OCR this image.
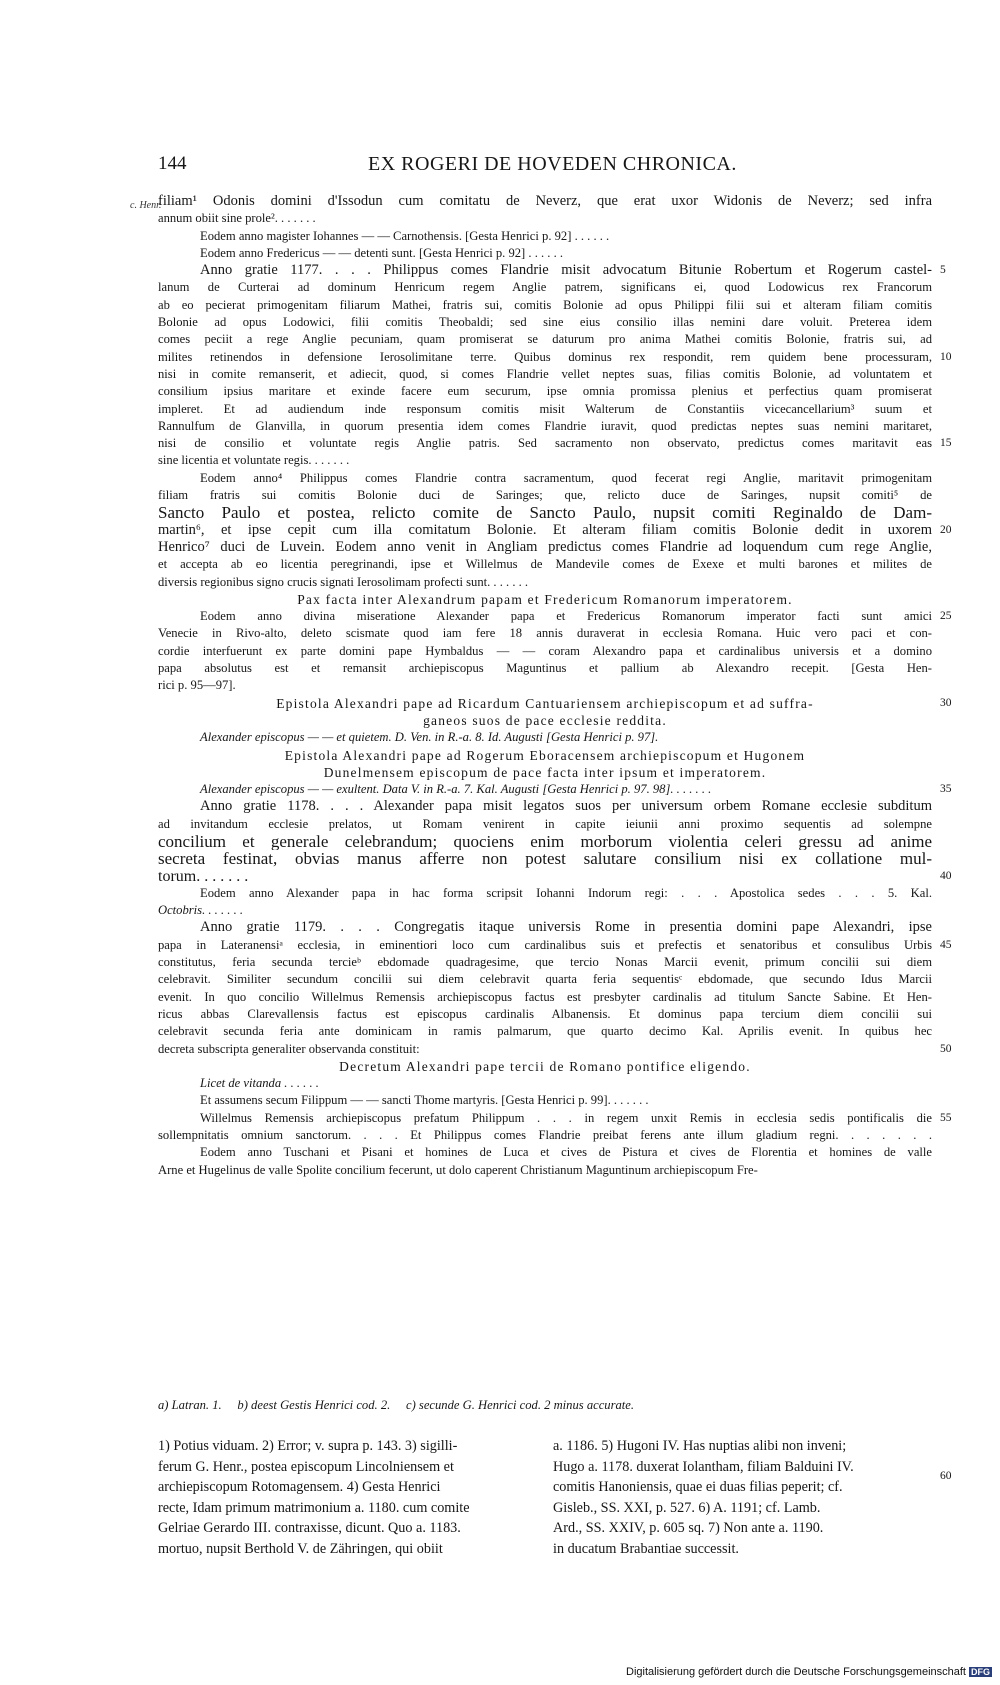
144	EX ROGERI DE HOVEDEN CHRONICA.
c. Henr.
filiam¹ Odonis domini d'Issodun cum comitatu de Neverz, que erat uxor Widonis de Neverz; sed infra
annum obiit sine prole². . . . . . .
Eodem anno magister Iohannes — — Carnothensis. [Gesta Henrici p. 92] . . . . . .
Eodem anno Fredericus — — detenti sunt. [Gesta Henrici p. 92] . . . . . .
Anno gratie 1177. . . . Philippus comes Flandrie misit advocatum Bitunie Robertum et Rogerum castel-
lanum de Curterai ad dominum Henricum regem Anglie patrem, significans ei, quod Lodowicus rex Francorum
ab eo pecierat primogenitam filiarum Mathei, fratris sui, comitis Bolonie ad opus Philippi filii sui et alteram filiam comitis
Bolonie ad opus Lodowici, filii comitis Theobaldi; sed sine eius consilio illas nemini dare voluit. Preterea idem
comes peciit a rege Anglie pecuniam, quam promiserat se daturum pro anima Mathei comitis Bolonie, fratris sui, ad
milites retinendos in defensione Ierosolimitane terre. Quibus dominus rex respondit, rem quidem bene processuram,
nisi in comite remanserit, et adiecit, quod, si comes Flandrie vellet neptes suas, filias comitis Bolonie, ad voluntatem et
consilium ipsius maritare et exinde facere eum securum, ipse omnia promissa plenius et perfectius quam promiserat
impleret. Et ad audiendum inde responsum comitis misit Walterum de Constantiis vicecancellarium³ suum et
Rannulfum de Glanvilla, in quorum presentia idem comes Flandrie iuravit, quod predictas neptes suas nemini maritaret,
nisi de consilio et voluntate regis Anglie patris. Sed sacramento non observato, predictus comes maritavit eas
sine licentia et voluntate regis. . . . . . .
Eodem anno⁴ Philippus comes Flandrie contra sacramentum, quod fecerat regi Anglie, maritavit primogenitam
filiam fratris sui comitis Bolonie duci de Saringes; que, relicto duce de Saringes, nupsit comiti⁵ de
Sancto Paulo et postea, relicto comite de Sancto Paulo, nupsit comiti Reginaldo de Dam-
martin⁶, et ipse cepit cum illa comitatum Bolonie. Et alteram filiam comitis Bolonie dedit in uxorem
Henrico⁷ duci de Luvein. Eodem anno venit in Angliam predictus comes Flandrie ad loquendum cum rege Anglie,
et accepta ab eo licentia peregrinandi, ipse et Willelmus de Mandevile comes de Exexe et multi barones et milites de
diversis regionibus signo crucis signati Ierosolimam profecti sunt. . . . . . .
Pax facta inter Alexandrum papam et Fredericum Romanorum imperatorem.
Eodem anno divina miseratione Alexander papa et Fredericus Romanorum imperator facti sunt amici
Venecie in Rivo-alto, deleto scismate quod iam fere 18 annis duraverat in ecclesia Romana. Huic vero paci et con-
cordie interfuerunt ex parte domini pape Hymbaldus — — coram Alexandro papa et cardinalibus universis et a domino
papa absolutus est et remansit archiepiscopus Maguntinus et pallium ab Alexandro recepit. [Gesta Hen-
rici p. 95—97].
Epistola Alexandri pape ad Ricardum Cantuariensem archiepiscopum et ad suffra-
ganeos suos de pace ecclesie reddita.
Alexander episcopus — — et quietem. D. Ven. in R.-a. 8. Id. Augusti [Gesta Henrici p. 97].
Epistola Alexandri pape ad Rogerum Eboracensem archiepiscopum et Hugonem
Dunelmensem episcopum de pace facta inter ipsum et imperatorem.
Alexander episcopus — — exultent. Data V. in R.-a. 7. Kal. Augusti [Gesta Henrici p. 97. 98]. . . . . . .
Anno gratie 1178. . . . Alexander papa misit legatos suos per universum orbem Romane ecclesie subditum
ad invitandum ecclesie prelatos, ut Romam venirent in capite ieiunii anni proximo sequentis ad solempne
concilium et generale celebrandum; quociens enim morborum violentia celeri gressu ad anime
secreta festinat, obvias manus afferre non potest salutare consilium nisi ex collatione mul-
torum. . . . . . .
Eodem anno Alexander papa in hac forma scripsit Iohanni Indorum regi: . . . Apostolica sedes . . . 5. Kal.
Octobris. . . . . . .
Anno gratie 1179. . . . Congregatis itaque universis Rome in presentia domini pape Alexandri, ipse
papa in Lateranensiᵃ ecclesia, in eminentiori loco cum cardinalibus suis et prefectis et senatoribus et consulibus Urbis
constitutus, feria secunda tercieᵇ ebdomade quadragesime, que tercio Nonas Marcii evenit, primum concilii sui diem
celebravit. Similiter secundum concilii sui diem celebravit quarta feria sequentisᶜ ebdomade, que secundo Idus Marcii
evenit. In quo concilio Willelmus Remensis archiepiscopus factus est presbyter cardinalis ad titulum Sancte Sabine. Et Hen-
ricus abbas Clarevallensis factus est episcopus cardinalis Albanensis. Et dominus papa tercium diem concilii sui
celebravit secunda feria ante dominicam in ramis palmarum, que quarto decimo Kal. Aprilis evenit. In quibus hec
decreta subscripta generaliter observanda constituit:
Decretum Alexandri pape tercii de Romano pontifice eligendo.
Licet de vitanda . . . . . .
Et assumens secum Filippum — — sancti Thome martyris. [Gesta Henrici p. 99]. . . . . . .
Willelmus Remensis archiepiscopus prefatum Philippum . . . in regem unxit Remis in ecclesia sedis pontificalis die
sollempnitatis omnium sanctorum. . . . Et Philippus comes Flandrie preibat ferens ante illum gladium regni. . . . . . .
Eodem anno Tuschani et Pisani et homines de Luca et cives de Pistura et cives de Florentia et homines de valle
Arne et Hugelinus de valle Spolite concilium fecerunt, ut dolo caperent Christianum Maguntinum archiepiscopum Fre-
5
10
15
20
25
30
35
40
45
50
55
60
a) Latran. 1.     b) deest Gestis Henrici cod. 2.     c) secunde G. Henrici cod. 2 minus accurate.
1) Potius viduam. 2) Error; v. supra p. 143. 3) sigilli-
ferum G. Henr., postea episcopum Lincolniensem et
archiepiscopum Rotomagensem. 4) Gesta Henrici
recte, Idam primum matrimonium a. 1180. cum comite
Gelriae Gerardo III. contraxisse, dicunt. Quo a. 1183.
mortuo, nupsit Berthold V. de Zähringen, qui obiit
a. 1186. 5) Hugoni IV. Has nuptias alibi non inveni;
Hugo a. 1178. duxerat Iolantham, filiam Balduini IV.
comitis Hanoniensis, quae ei duas filias peperit; cf.
Gisleb., SS. XXI, p. 527. 6) A. 1191; cf. Lamb.
Ard., SS. XXIV, p. 605 sq. 7) Non ante a. 1190.
in ducatum Brabantiae successit.
Digitalisierung gefördert durch die Deutsche Forschungsgemeinschaft DFG
